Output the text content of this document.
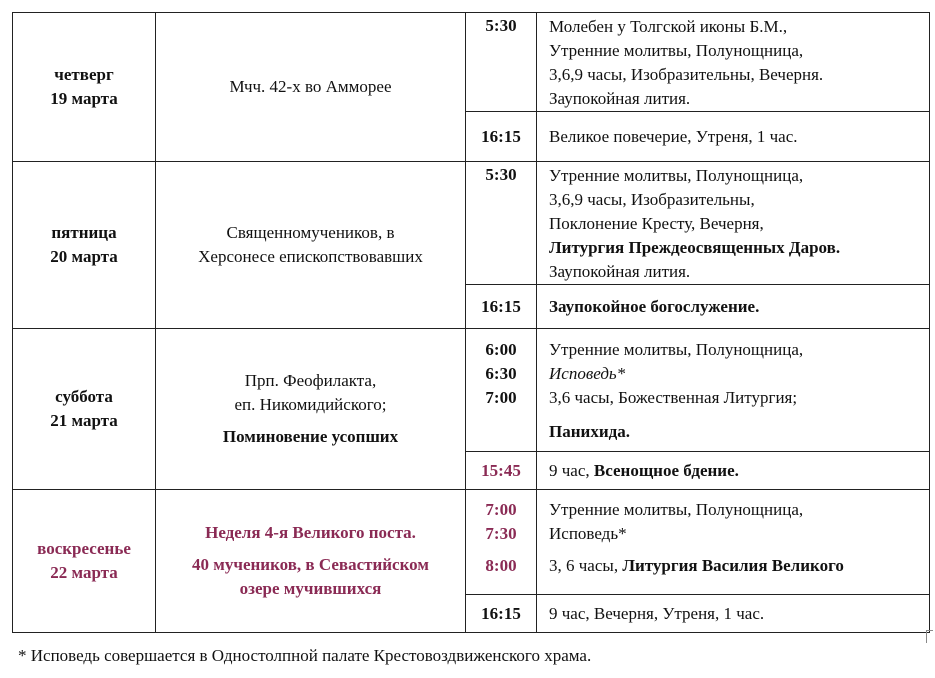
четверг
19 марта	Мчч. 42-х во Амморее	5:30	Молебен у Толгской иконы Б.М.,
Утренние молитвы, Полунощница,
3,6,9 часы, Изобразительны, Вечерня.
Заупокойная лития.

		16:15	Великое повечерие, Утреня, 1 час.

пятница
20 марта	Священномучеников, в
Херсонесе епископствовавших	5:30	Утренние молитвы, Полунощница,
3,6,9 часы, Изобразительны,
Поклонение Кресту, Вечерня,
Литургия Преждеосвященных Даров.
Заупокойная лития.

		16:15	Заупокойное богослужение.

суббота
21 марта	Прп. Феофилакта,
еп. Никомидийского;
Поминовение усопших	6:00
6:30
7:00	Утренние молитвы, Полунощница,
Исповедь*
3,6 часы, Божественная Литургия;
Панихида.

		15:45	9 час, Всенощное бдение.

воскресенье
22 марта	Неделя 4-я Великого поста.
40 мучеников, в Севастийском
озере мучившихся	7:00
7:30
8:00	Утренние молитвы, Полунощница,
Исповедь*
3, 6 часы, Литургия Василия Великого

		16:15	9 час, Вечерня, Утреня, 1 час.
* Исповедь совершается в Одностолпной палате Крестовоздвиженского храма.
